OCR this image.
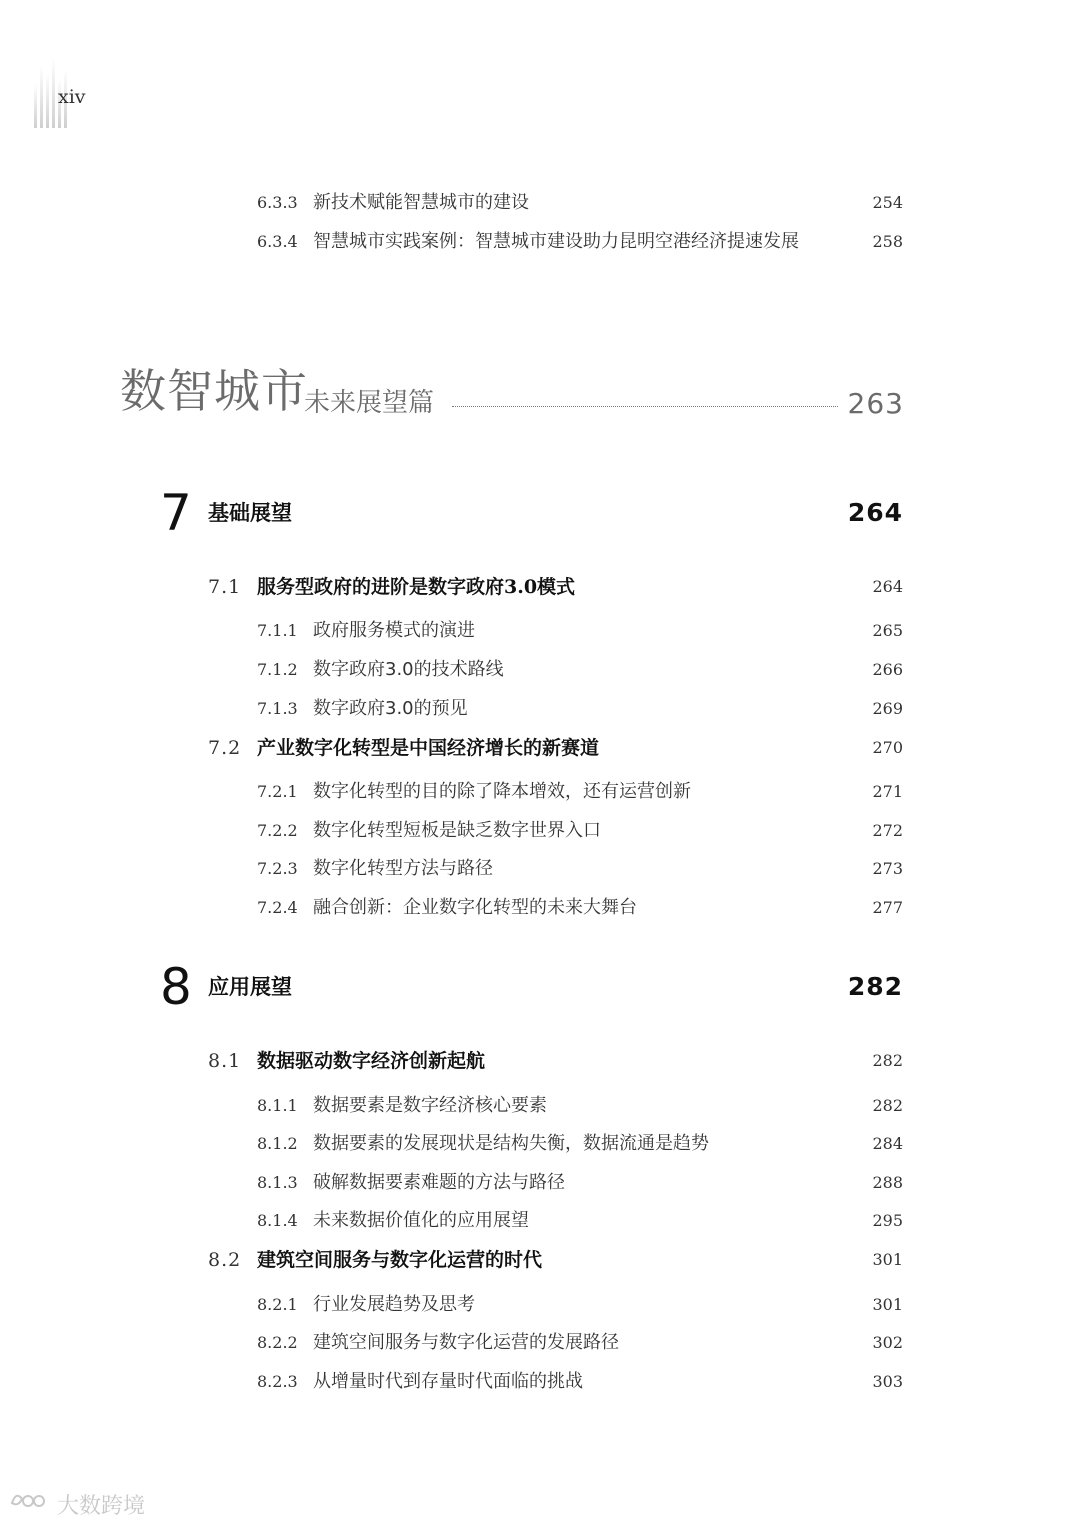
xiv
6.3.3 新技术赋能智慧城市的建设	254
6.3.4 智慧城市实践案例：智慧城市建设助力昆明空港经济提速发展	258
数智城市
未来展望篇	263
7 基础展望	264
7.1 服务型政府的进阶是数字政府3.0模式	264
7.1.1 政府服务模式的演进	265
7.1.2 数字政府3.0的技术路线	266
7.1.3 数字政府3.0的预见	269
7.2 产业数字化转型是中国经济增长的新赛道	270
7.2.1 数字化转型的目的除了降本增效，还有运营创新	271
7.2.2 数字化转型短板是缺乏数字世界入口	272
7.2.3 数字化转型方法与路径	273
7.2.4 融合创新：企业数字化转型的未来大舞台	277
8 应用展望	282
8.1 数据驱动数字经济创新起航	282
8.1.1 数据要素是数字经济核心要素	282
8.1.2 数据要素的发展现状是结构失衡，数据流通是趋势	284
8.1.3 破解数据要素难题的方法与路径	288
8.1.4 未来数据价值化的应用展望	295
8.2 建筑空间服务与数字化运营的时代	301
8.2.1 行业发展趋势及思考	301
8.2.2 建筑空间服务与数字化运营的发展路径	302
8.2.3 从增量时代到存量时代面临的挑战	303
大数跨境
